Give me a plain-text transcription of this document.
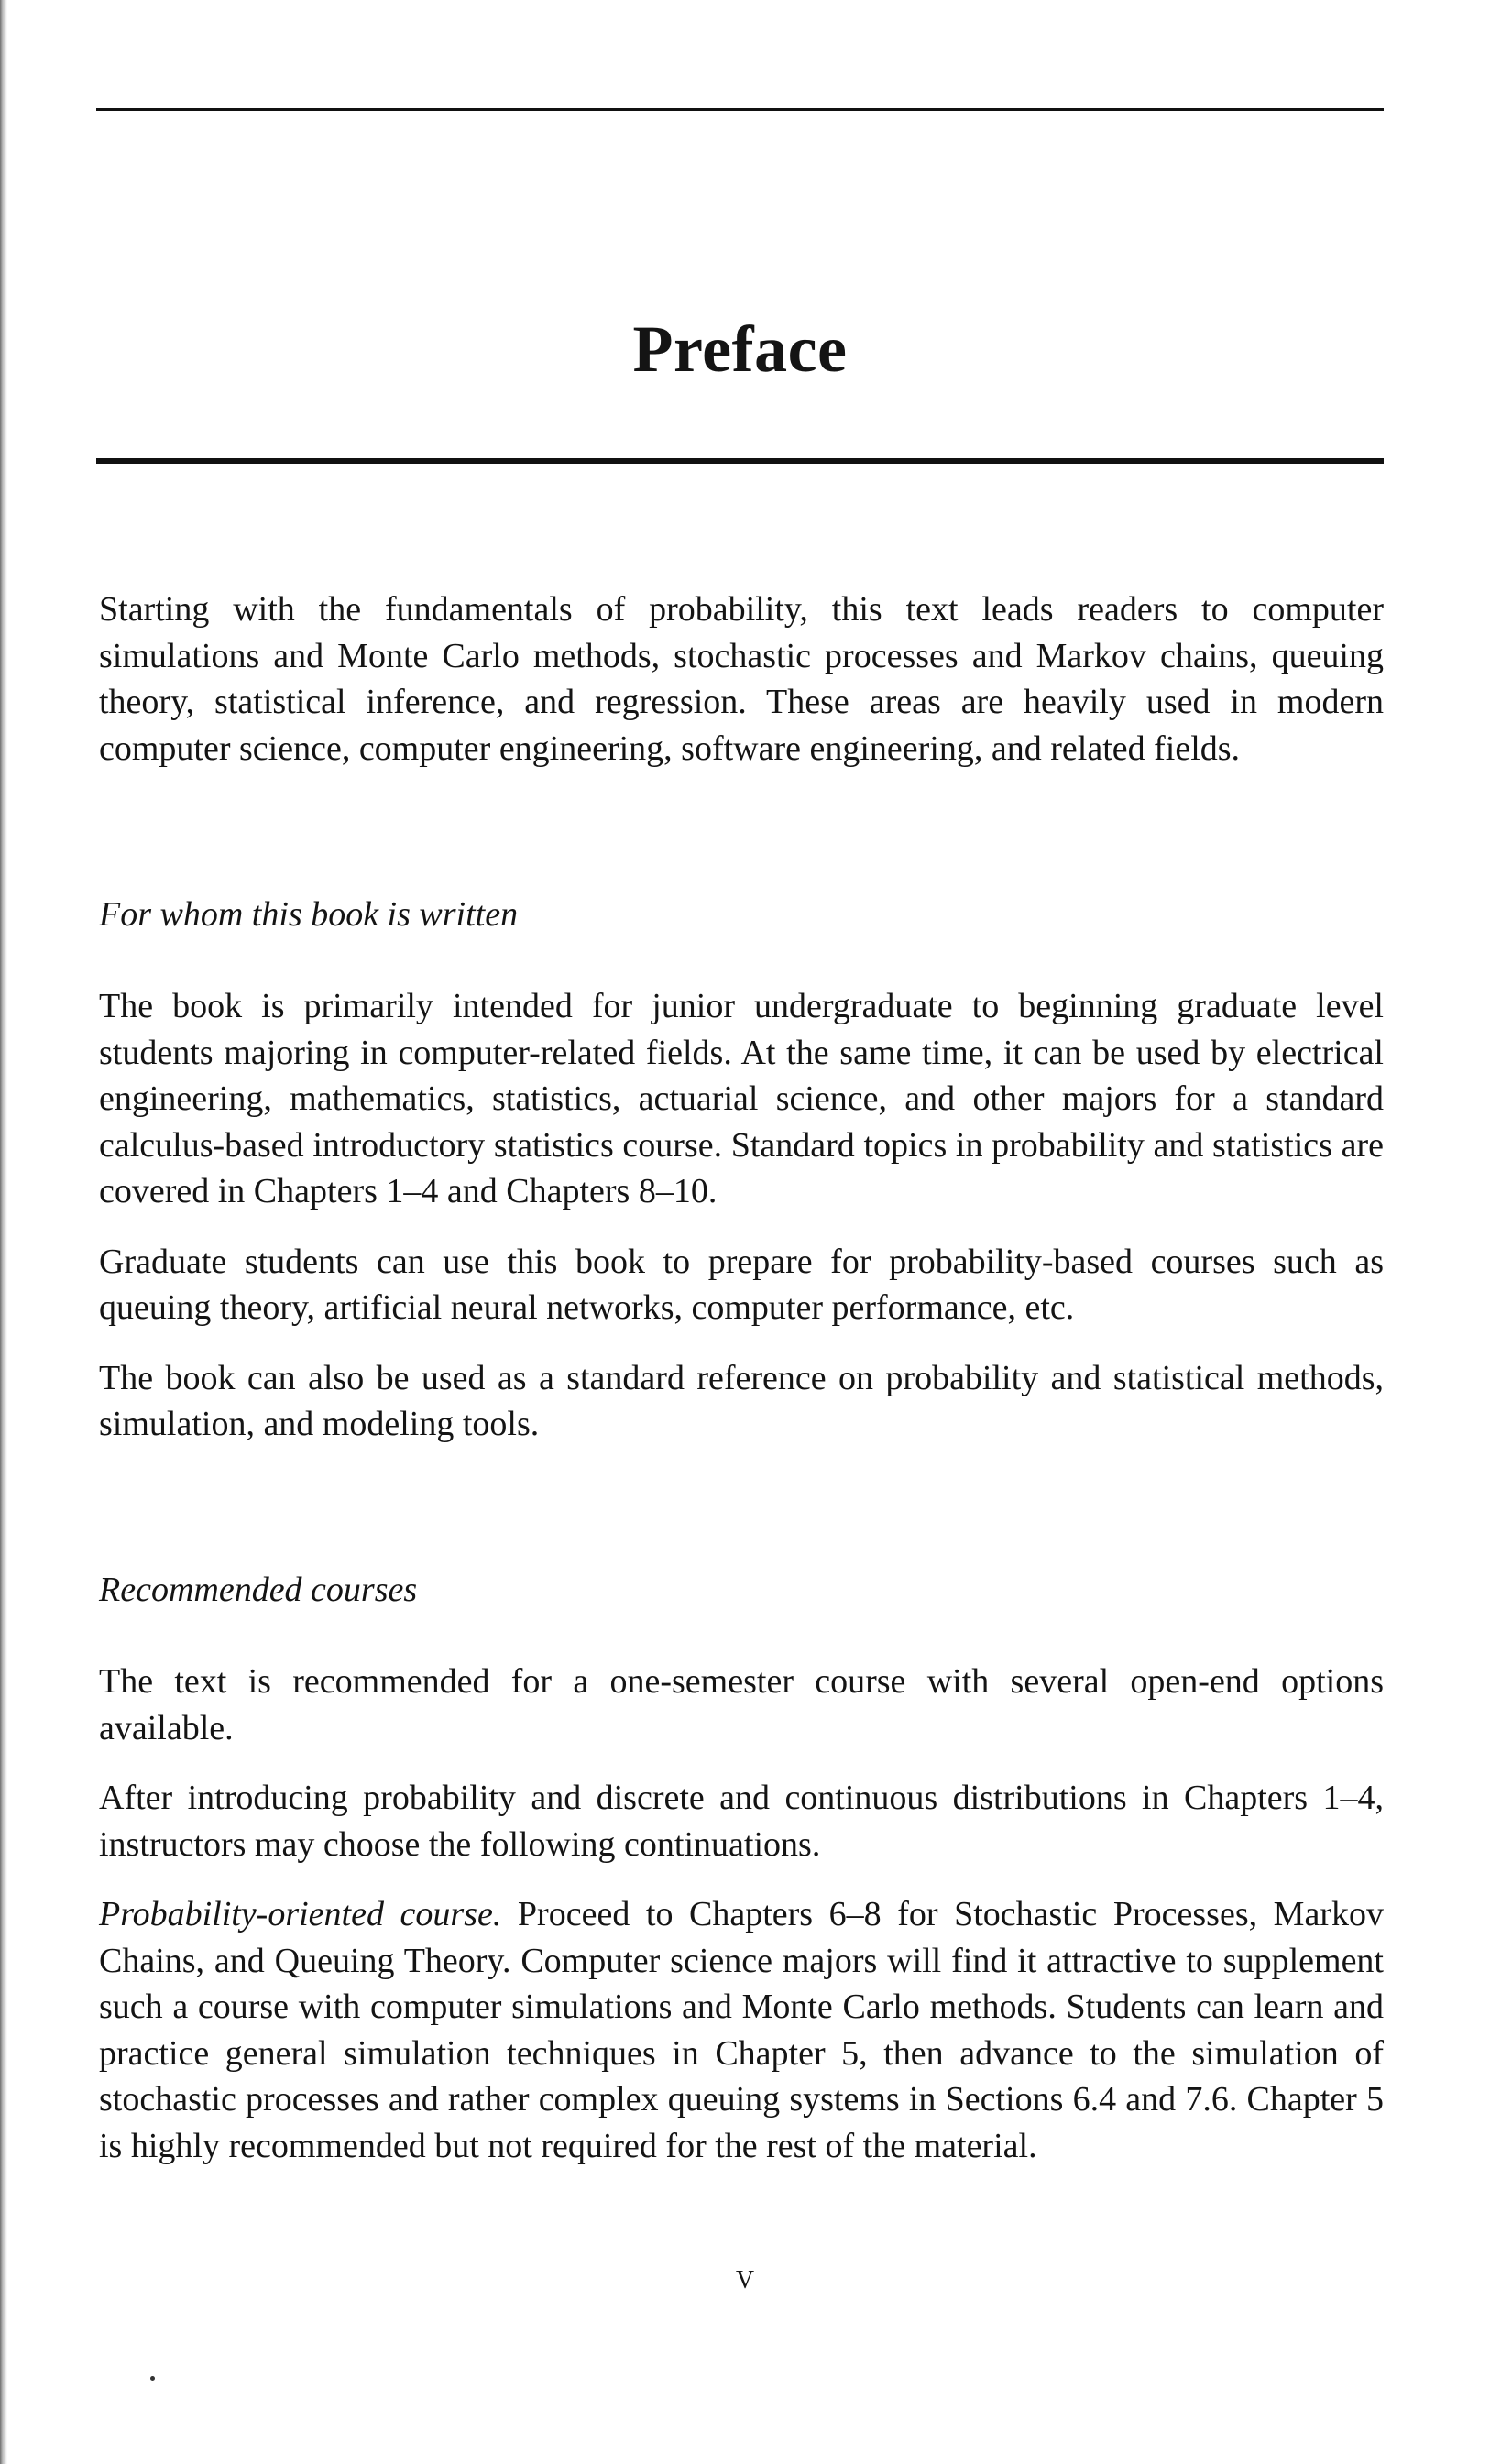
Preface

Starting with the fundamentals of probability, this text leads readers to computer simulations and Monte Carlo methods, stochastic processes and Markov chains, queuing theory, statistical inference, and regression. These areas are heavily used in modern computer science, computer engineering, software engineering, and related fields.

For whom this book is written

The book is primarily intended for junior undergraduate to beginning graduate level students majoring in computer-related fields. At the same time, it can be used by electrical engineering, mathematics, statistics, actuarial science, and other majors for a standard calculus-based introductory statistics course. Standard topics in probability and statistics are covered in Chapters 1–4 and Chapters 8–10.

Graduate students can use this book to prepare for probability-based courses such as queuing theory, artificial neural networks, computer performance, etc.

The book can also be used as a standard reference on probability and statistical methods, simulation, and modeling tools.

Recommended courses

The text is recommended for a one-semester course with several open-end options available.

After introducing probability and discrete and continuous distributions in Chapters 1–4, instructors may choose the following continuations.

Probability-oriented course. Proceed to Chapters 6–8 for Stochastic Processes, Markov Chains, and Queuing Theory. Computer science majors will find it attractive to supplement such a course with computer simulations and Monte Carlo methods. Students can learn and practice general simulation techniques in Chapter 5, then advance to the simulation of stochastic processes and rather complex queuing systems in Sections 6.4 and 7.6. Chapter 5 is highly recommended but not required for the rest of the material.

v
